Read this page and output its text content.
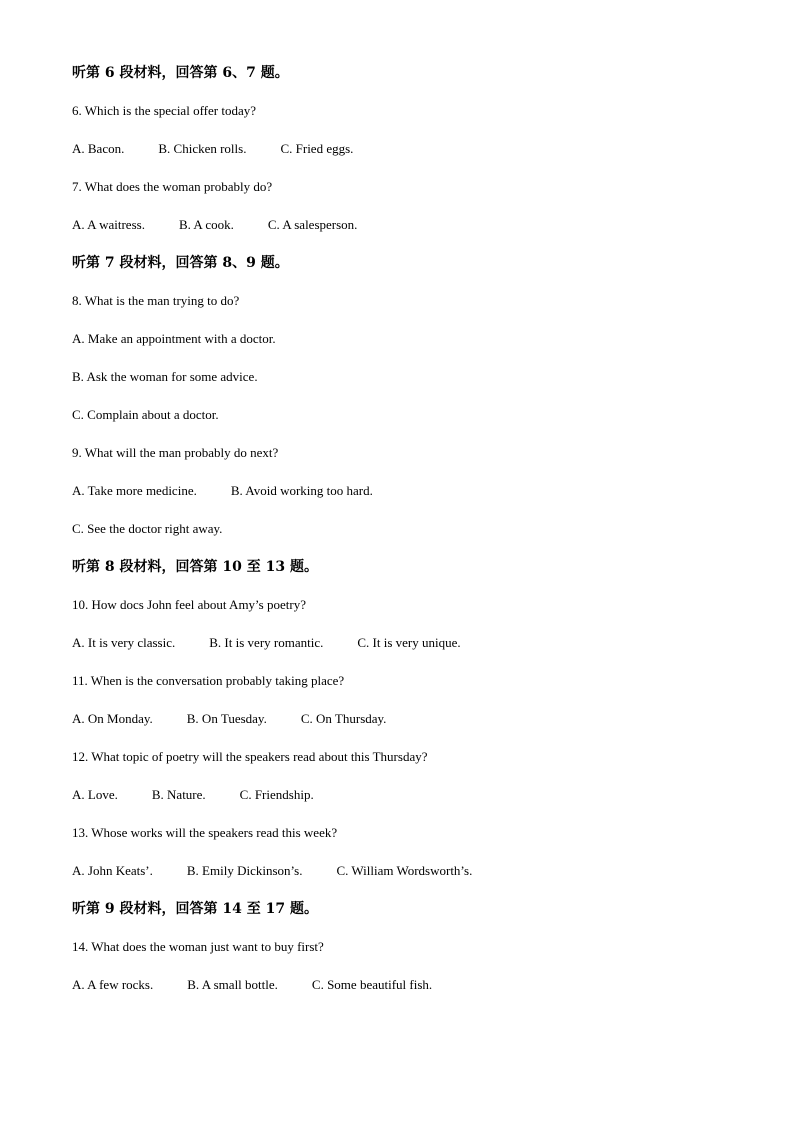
听第 6 段材料，回答第 6、7 题。
6. Which is the special offer today?
A. Bacon.	B. Chicken rolls.	C. Fried eggs.
7. What does the woman probably do?
A. A waitress.	B. A cook.	C. A salesperson.
听第 7 段材料，回答第 8、9 题。
8. What is the man trying to do?
A. Make an appointment with a doctor.
B. Ask the woman for some advice.
C. Complain about a doctor.
9. What will the man probably do next?
A. Take more medicine.	B. Avoid working too hard.
C. See the doctor right away.
听第 8 段材料，回答第 10 至 13 题。
10. How docs John feel about Amy’s poetry?
A. It is very classic.	B. It is very romantic.	C. It is very unique.
11. When is the conversation probably taking place?
A. On Monday.	B. On Tuesday.	C. On Thursday.
12. What topic of poetry will the speakers read about this Thursday?
A. Love.	B. Nature.	C. Friendship.
13. Whose works will the speakers read this week?
A. John Keats’.	B. Emily Dickinson’s.	C. William Wordsworth’s.
听第 9 段材料，回答第 14 至 17 题。
14. What does the woman just want to buy first?
A. A few rocks.	B. A small bottle.	C. Some beautiful fish.
